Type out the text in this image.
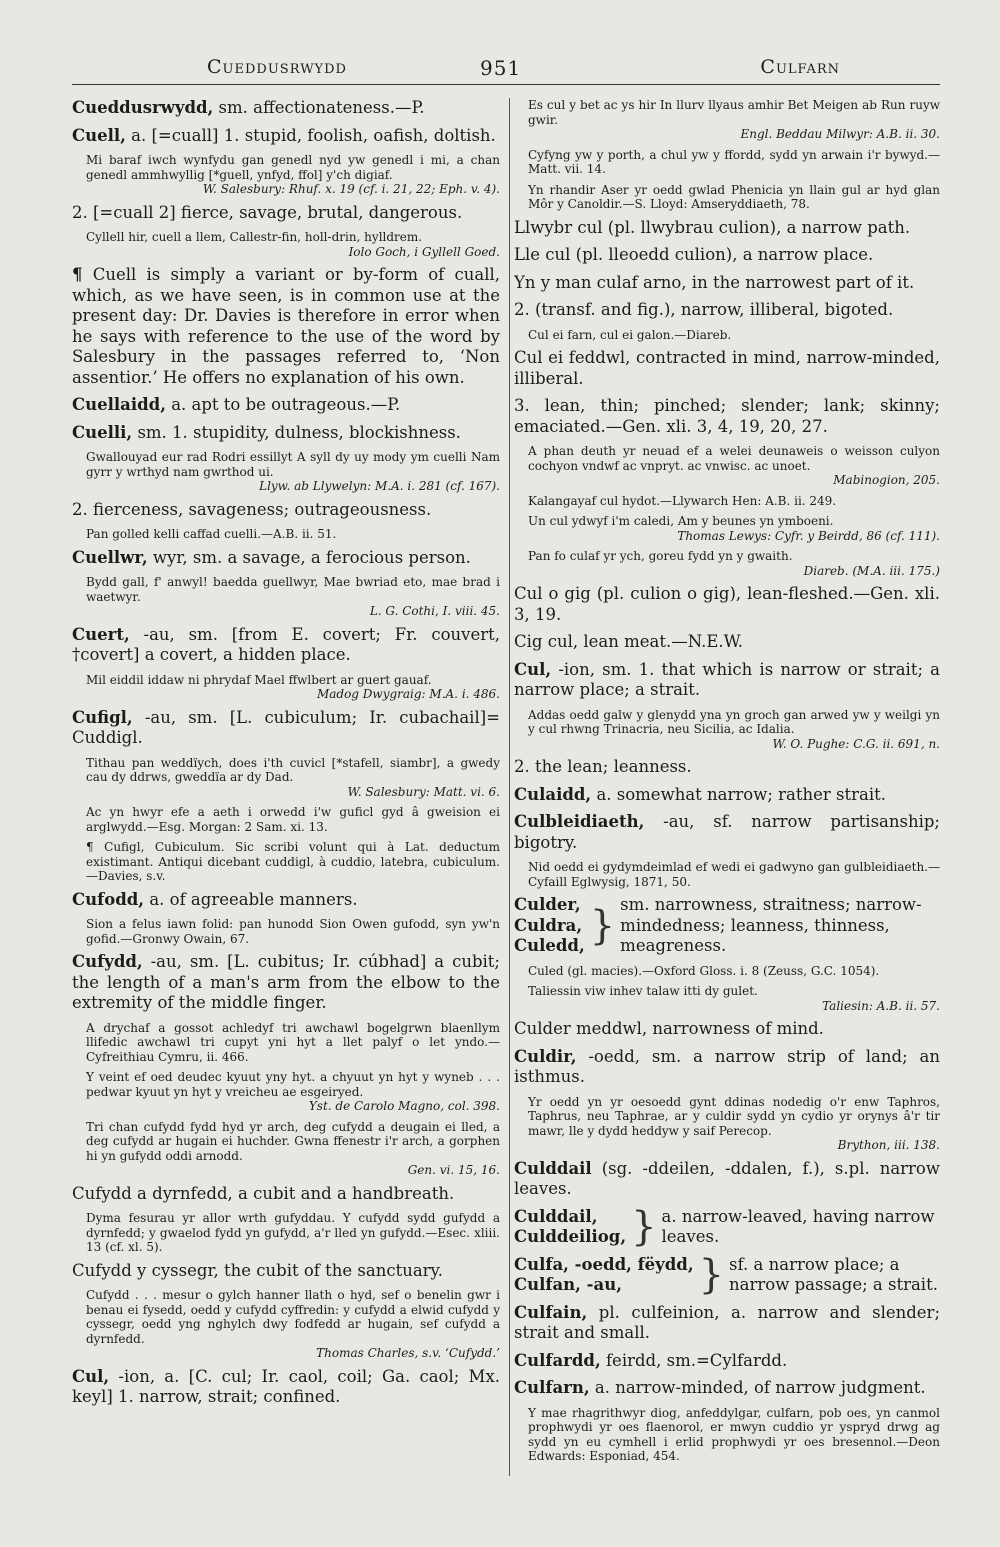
Cueddusrwydd	951	Culfarn
Cueddusrwydd, sm. affectionateness.—P.
Cuell, a. [=cuall] 1. stupid, foolish, oafish, doltish.
Mi baraf iwch wynfydu gan genedl nyd yw genedl i mi, a chan genedl ammhwyllig [*guell, ynfyd, ffol] y'ch digiaf.
W. Salesbury: Rhuf. x. 19 (cf. i. 21, 22; Eph. v. 4).
2. [=cuall 2] fierce, savage, brutal, dangerous.
Cyllell hir, cuell a llem, Callestr-fin, holl-drin, hylldrem.
Iolo Goch, i Gyllell Goed.
¶ Cuell is simply a variant or by-form of cuall, which, as we have seen, is in common use at the present day: Dr. Davies is therefore in error when he says with reference to the use of the word by Salesbury in the passages referred to, ‘Non assentior.’ He offers no explanation of his own.
Cuellaidd, a. apt to be outrageous.—P.
Cuelli, sm. 1. stupidity, dulness, blockishness.
Gwallouyad eur rad Rodri essillyt A syll dy uy mody ym cuelli Nam gyrr y wrthyd nam gwrthod ui.
Llyw. ab Llywelyn: M.A. i. 281 (cf. 167).
2. fierceness, savageness; outrageousness.
Pan golled kelli caffad cuelli.—A.B. ii. 51.
Cuellwr, wyr, sm. a savage, a ferocious person.
Bydd gall, f' anwyl! baedda guellwyr, Mae bwriad eto, mae brad i waetwyr.
L. G. Cothi, I. viii. 45.
Cuert, -au, sm. [from E. covert; Fr. couvert, †covert] a covert, a hidden place.
Mil eiddil iddaw ni phrydaf Mael ffwlbert ar guert gauaf.
Madog Dwygraig: M.A. i. 486.
Cufigl, -au, sm. [L. cubiculum; Ir. cubachail]= Cuddigl.
Tithau pan weddïych, does i'th cuvicl [*stafell, siambr], a gwedy cau dy ddrws, gweddïa ar dy Dad.
W. Salesbury: Matt. vi. 6.
Ac yn hwyr efe a aeth i orwedd i'w guficl gyd â gweision ei arglwydd.—Esg. Morgan: 2 Sam. xi. 13.
¶ Cufigl, Cubiculum. Sic scribi volunt qui à Lat. deductum existimant. Antiqui dicebant cuddigl, à cuddio, latebra, cubiculum.—Davies, s.v.
Cufodd, a. of agreeable manners.
Sion a felus iawn folid: pan hunodd Sion Owen gufodd, syn yw'n gofid.—Gronwy Owain, 67.
Cufydd, -au, sm. [L. cubitus; Ir. cúbhad] a cubit; the length of a man's arm from the elbow to the extremity of the middle finger.
A drychaf a gossot achledyf tri awchawl bogelgrwn blaenllym llifedic awchawl tri cupyt yni hyt a llet palyf o let yndo.—Cyfreithiau Cymru, ii. 466.
Y veint ef oed deudec kyuut yny hyt. a chyuut yn hyt y wyneb . . . pedwar kyuut yn hyt y vreicheu ae esgeiryed.
Yst. de Carolo Magno, col. 398.
Tri chan cufydd fydd hyd yr arch, deg cufydd a deugain ei lled, a deg cufydd ar hugain ei huchder. Gwna ffenestr i'r arch, a gorphen hi yn gufydd oddi arnodd.
Gen. vi. 15, 16.
Cufydd a dyrnfedd, a cubit and a handbreath.
Dyma fesurau yr allor wrth gufyddau. Y cufydd sydd gufydd a dyrnfedd; y gwaelod fydd yn gufydd, a'r lled yn gufydd.—Esec. xliii. 13 (cf. xl. 5).
Cufydd y cyssegr, the cubit of the sanctuary.
Cufydd . . . mesur o gylch hanner llath o hyd, sef o benelin gwr i benau ei fysedd, oedd y cufydd cyffredin: y cufydd a elwid cufydd y cyssegr, oedd yng nghylch dwy fodfedd ar hugain, sef cufydd a dyrnfedd.
Thomas Charles, s.v. ‘Cufydd.’
Cul, -ion, a. [C. cul; Ir. caol, coil; Ga. caol; Mx. keyl] 1. narrow, strait; confined.
Es cul y bet ac ys hir In llurv llyaus amhir Bet Meigen ab Run ruyw gwir.
Engl. Beddau Milwyr: A.B. ii. 30.
Cyfyng yw y porth, a chul yw y ffordd, sydd yn arwain i'r bywyd.—Matt. vii. 14.
Yn rhandir Aser yr oedd gwlad Phenicia yn llain gul ar hyd glan Môr y Canoldir.—S. Lloyd: Amseryddiaeth, 78.
Llwybr cul (pl. llwybrau culion), a narrow path.
Lle cul (pl. lleoedd culion), a narrow place.
Yn y man culaf arno, in the narrowest part of it.
2. (transf. and fig.), narrow, illiberal, bigoted.
Cul ei farn, cul ei galon.—Diareb.
Cul ei feddwl, contracted in mind, narrow-minded, illiberal.
3. lean, thin; pinched; slender; lank; skinny; emaciated.—Gen. xli. 3, 4, 19, 20, 27.
A phan deuth yr neuad ef a welei deunaweis o weisson culyon cochyon vndwf ac vnpryt. ac vnwisc. ac unoet.
Mabinogion, 205.
Kalangayaf cul hydot.—Llywarch Hen: A.B. ii. 249.
Un cul ydwyf i'm caledi, Am y beunes yn ymboeni.
Thomas Lewys: Cyfr. y Beirdd, 86 (cf. 111).
Pan fo culaf yr ych, goreu fydd yn y gwaith.
Diareb. (M.A. iii. 175.)
Cul o gig (pl. culion o gig), lean-fleshed.—Gen. xli. 3, 19.
Cig cul, lean meat.—N.E.W.
Cul, -ion, sm. 1. that which is narrow or strait; a narrow place; a strait.
Addas oedd galw y glenydd yna yn groch gan arwed yw y weilgi yn y cul rhwng Trinacria, neu Sicilia, ac Idalia.
W. O. Pughe: C.G. ii. 691, n.
2. the lean; leanness.
Culaidd, a. somewhat narrow; rather strait.
Culbleidiaeth, -au, sf. narrow partisanship; bigotry.
Nid oedd ei gydymdeimlad ef wedi ei gadwyno gan gulbleidiaeth.—Cyfaill Eglwysig, 1871, 50.
Culder,
Culdra,
Culedd, } sm. narrowness, straitness; narrow-mindedness; leanness, thinness, meagreness.
Culed (gl. macies).—Oxford Gloss. i. 8 (Zeuss, G.C. 1054).
Taliessin viw inhev talaw itti dy gulet.
Taliesin: A.B. ii. 57.
Culder meddwl, narrowness of mind.
Culdir, -oedd, sm. a narrow strip of land; an isthmus.
Yr oedd yn yr oesoedd gynt ddinas nodedig o'r enw Taphros, Taphrus, neu Taphrae, ar y culdir sydd yn cydio yr orynys â'r tir mawr, lle y dydd heddyw y saif Perecop.
Brython, iii. 138.
Culddail (sg. -ddeilen, -ddalen, f.), s.pl. narrow leaves.
Culddail,
Culddeiliog, } a. narrow-leaved, having narrow leaves.
Culfa, -oedd, fëydd,
Culfan, -au,	} sf. a narrow place; a narrow passage; a strait.
Culfain, pl. culfeinion, a. narrow and slender; strait and small.
Culfardd, feirdd, sm.=Cylfardd.
Culfarn, a. narrow-minded, of narrow judgment.
Y mae rhagrithwyr diog, anfeddylgar, culfarn, pob oes, yn canmol prophwydi yr oes flaenorol, er mwyn cuddio yr yspryd drwg ag sydd yn eu cymhell i erlid prophwydi yr oes bresennol.—Deon Edwards: Esponiad, 454.
